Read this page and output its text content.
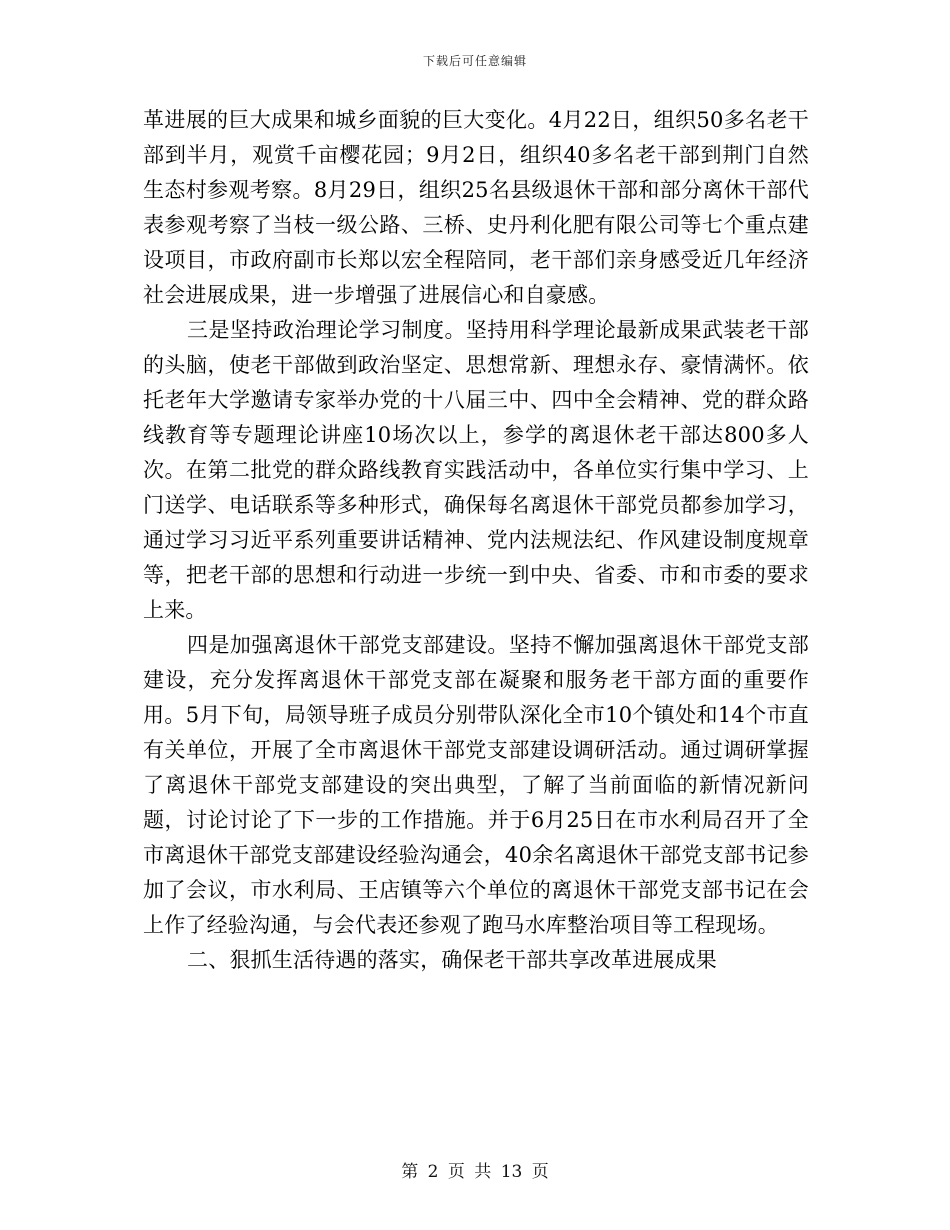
下载后可任意编辑

革进展的巨大成果和城乡面貌的巨大变化。4月22日，组织50多名老干部到半月，观赏千亩樱花园；9月2日，组织40多名老干部到荆门自然生态村参观考察。8月29日，组织25名县级退休干部和部分离休干部代表参观考察了当枝一级公路、三桥、史丹利化肥有限公司等七个重点建设项目，市政府副市长郑以宏全程陪同，老干部们亲身感受近几年经济社会进展成果，进一步增强了进展信心和自豪感。

三是坚持政治理论学习制度。坚持用科学理论最新成果武装老干部的头脑，使老干部做到政治坚定、思想常新、理想永存、豪情满怀。依托老年大学邀请专家举办党的十八届三中、四中全会精神、党的群众路线教育等专题理论讲座10场次以上，参学的离退休老干部达800多人次。在第二批党的群众路线教育实践活动中，各单位实行集中学习、上门送学、电话联系等多种形式，确保每名离退休干部党员都参加学习，通过学习习近平系列重要讲话精神、党内法规法纪、作风建设制度规章等，把老干部的思想和行动进一步统一到中央、省委、市和市委的要求上来。

四是加强离退休干部党支部建设。坚持不懈加强离退休干部党支部建设，充分发挥离退休干部党支部在凝聚和服务老干部方面的重要作用。5月下旬，局领导班子成员分别带队深化全市10个镇处和14个市直有关单位，开展了全市离退休干部党支部建设调研活动。通过调研掌握了离退休干部党支部建设的突出典型，了解了当前面临的新情况新问题，讨论讨论了下一步的工作措施。并于6月25日在市水利局召开了全市离退休干部党支部建设经验沟通会，40余名离退休干部党支部书记参加了会议，市水利局、王店镇等六个单位的离退休干部党支部书记在会上作了经验沟通，与会代表还参观了跑马水库整治项目等工程现场。

二、狠抓生活待遇的落实，确保老干部共享改革进展成果

第 2 页 共 13 页
